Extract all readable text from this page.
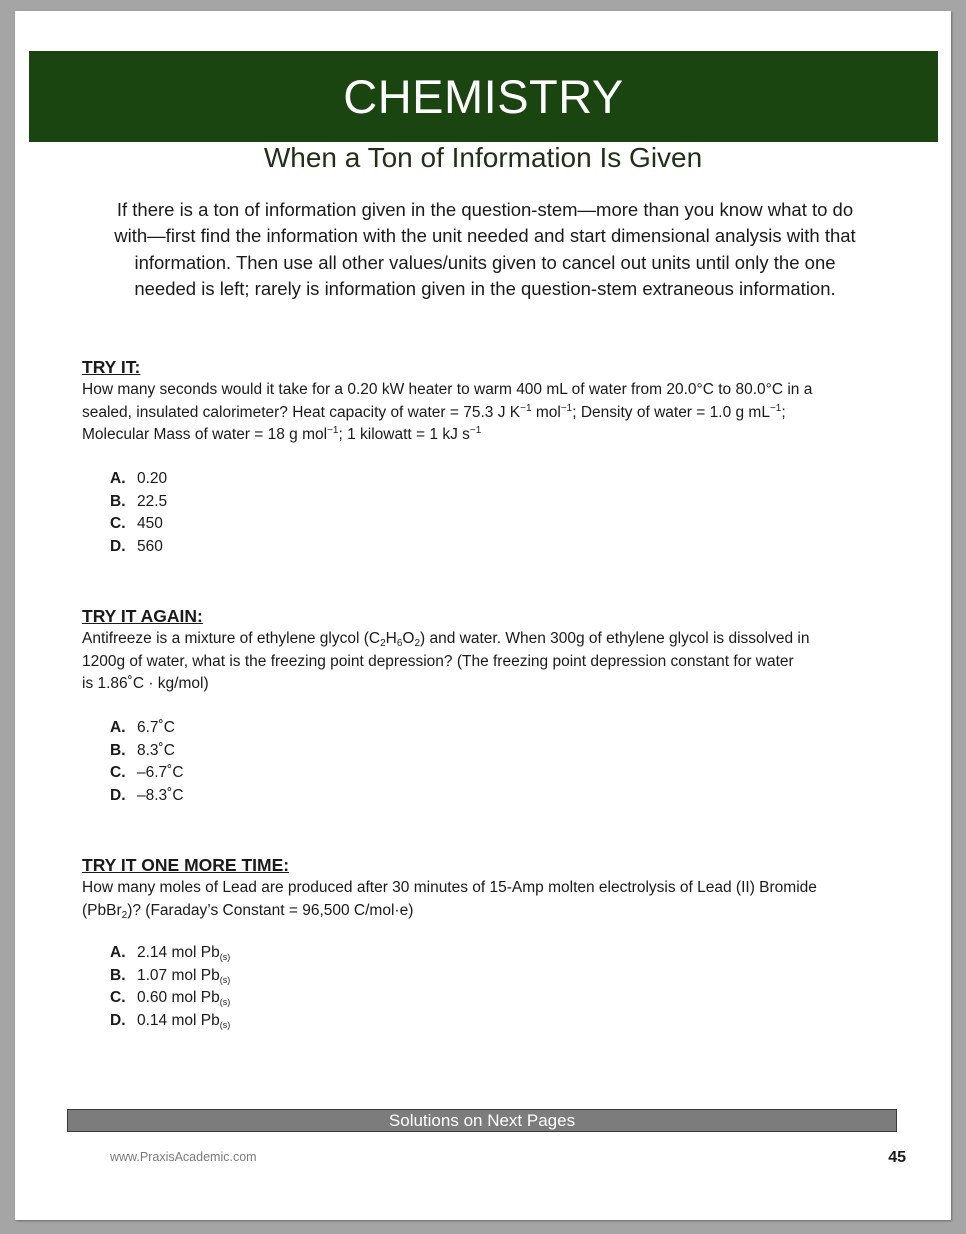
CHEMISTRY
When a Ton of Information Is Given
If there is a ton of information given in the question-stem—more than you know what to do
with—first find the information with the unit needed and start dimensional analysis with that
information. Then use all other values/units given to cancel out units until only the one
needed is left; rarely is information given in the question-stem extraneous information.
TRY IT:
How many seconds would it take for a 0.20 kW heater to warm 400 mL of water from 20.0°C to 80.0°C in a
sealed, insulated calorimeter? Heat capacity of water = 75.3 J $K^{-1}$ mol$^{-1}$; Density of water = 1.0 g $mL^{-1}$;
Molecular Mass of water = 18 g mol$^{-1}$; 1 kilowatt = 1 kJ $s^{-1}$
A. 0.20
B. 22.5
C. 450
D. 560
TRY IT AGAIN:
Antifreeze is a mixture of ethylene glycol $(C_2H_6O_2)$ and water. When 300g of ethylene glycol is dissolved in
1200g of water, what is the freezing point depression? (The freezing point depression constant for water
is 1.86˚C · kg/mol)
A. 6.7˚C
B. 8.3˚C
C. –6.7˚C
D. –8.3˚C
TRY IT ONE MORE TIME:
How many moles of Lead are produced after 30 minutes of 15-Amp molten electrolysis of Lead (II) Bromide
(PbBr$_2$)? (Faraday’s Constant = 96,500 C/mol·e)
A. 2.14 mol $Pb_{(s)}$
B. 1.07 mol $Pb_{(s)}$
C. 0.60 mol $Pb_{(s)}$
D. 0.14 mol $Pb_{(s)}$
Solutions on Next Pages
www.PraxisAcademic.com	45
